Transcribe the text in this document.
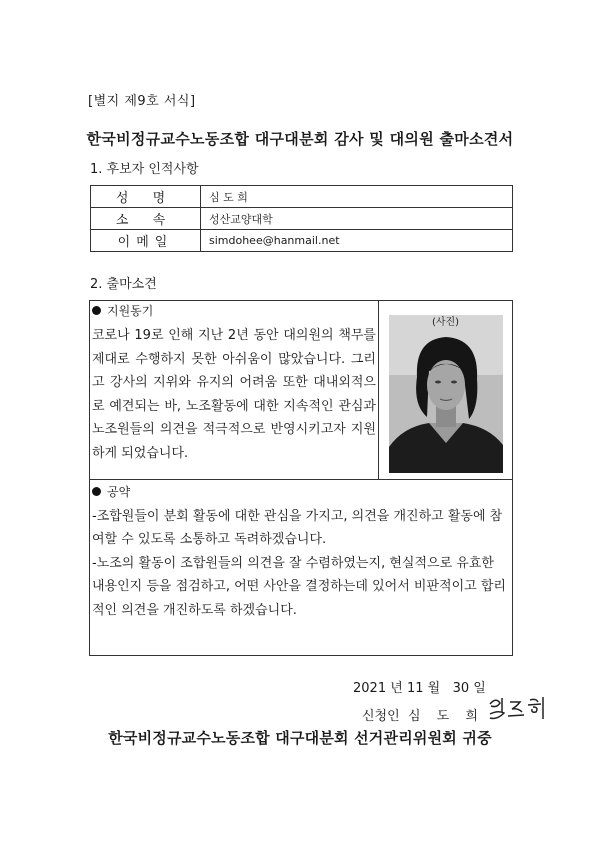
[별지 제9호 서식]
한국비정규교수노동조합 대구대분회 감사 및 대의원 출마소견서
1. 후보자 인적사항
성 명	심 도 희
소 속	성산교양대학
이메일	simdohee@hanmail.net
2. 출마소견
지원동기
코로나 19로 인해 지난 2년 동안 대의원의 책무를 제대로 수행하지 못한 아쉬움이 많았습니다. 그리고 강사의 지위와 유지의 어려움 또한 대내외적으로 예견되는 바, 노조활동에 대한 지속적인 관심과 노조원들의 의견을 적극적으로 반영시키고자 지원하게 되었습니다.
(사진)
공약

-조합원들이 분회 활동에 대한 관심을 가지고, 의견을 개진하고 활동에 참여할 수 있도록 소통하고 독려하겠습니다.

-노조의 활동이 조합원들의 의견을 잘 수렴하였는지, 현실적으로 유효한 내용인지 등을 점검하고, 어떤 사안을 결정하는데 있어서 비판적이고 합리적인 의견을 개진하도록 하겠습니다.

2021 년 11 월 30 일
신청인 심 도 희
한국비정규교수노동조합 대구대분회 선거관리위원회 귀중
